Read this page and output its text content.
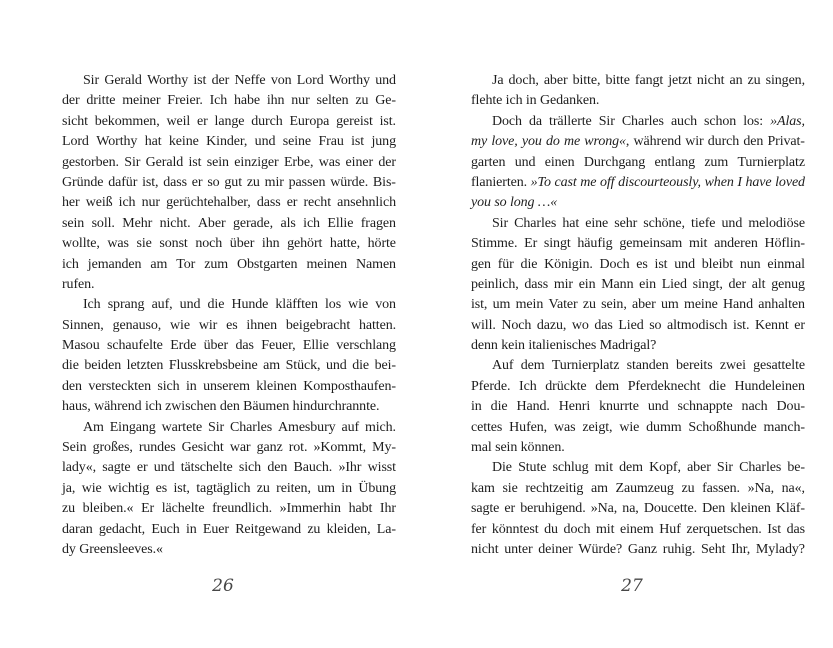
Sir Gerald Worthy ist der Neffe von Lord Worthy und
der dritte meiner Freier. Ich habe ihn nur selten zu Ge-
sicht bekommen, weil er lange durch Europa gereist ist.
Lord Worthy hat keine Kinder, und seine Frau ist jung
gestorben. Sir Gerald ist sein einziger Erbe, was einer der
Gründe dafür ist, dass er so gut zu mir passen würde. Bis-
her weiß ich nur gerüchtehalber, dass er recht ansehnlich
sein soll. Mehr nicht. Aber gerade, als ich Ellie fragen
wollte, was sie sonst noch über ihn gehört hatte, hörte
ich jemanden am Tor zum Obstgarten meinen Namen
rufen.
Ich sprang auf, und die Hunde kläfften los wie von
Sinnen, genauso, wie wir es ihnen beigebracht hatten.
Masou schaufelte Erde über das Feuer, Ellie verschlang
die beiden letzten Flusskrebsbeine am Stück, und die bei-
den versteckten sich in unserem kleinen Komposthaufen-
haus, während ich zwischen den Bäumen hindurchrannte.
Am Eingang wartete Sir Charles Amesbury auf mich.
Sein großes, rundes Gesicht war ganz rot. »Kommt, My-
lady«, sagte er und tätschelte sich den Bauch. »Ihr wisst
ja, wie wichtig es ist, tagtäglich zu reiten, um in Übung
zu bleiben.« Er lächelte freundlich. »Immerhin habt Ihr
daran gedacht, Euch in Euer Reitgewand zu kleiden, La-
dy Greensleeves.«
Ja doch, aber bitte, bitte fangt jetzt nicht an zu singen,
flehte ich in Gedanken.
Doch da trällerte Sir Charles auch schon los: »Alas,
my love, you do me wrong«, während wir durch den Privat-
garten und einen Durchgang entlang zum Turnierplatz
flanierten. »To cast me off discourteously, when I have loved
you so long …«
Sir Charles hat eine sehr schöne, tiefe und melodiöse
Stimme. Er singt häufig gemeinsam mit anderen Höflin-
gen für die Königin. Doch es ist und bleibt nun einmal
peinlich, dass mir ein Mann ein Lied singt, der alt genug
ist, um mein Vater zu sein, aber um meine Hand anhalten
will. Noch dazu, wo das Lied so altmodisch ist. Kennt er
denn kein italienisches Madrigal?
Auf dem Turnierplatz standen bereits zwei gesattelte
Pferde. Ich drückte dem Pferdeknecht die Hundeleinen
in die Hand. Henri knurrte und schnappte nach Dou-
cettes Hufen, was zeigt, wie dumm Schoßhunde manch-
mal sein können.
Die Stute schlug mit dem Kopf, aber Sir Charles be-
kam sie rechtzeitig am Zaumzeug zu fassen. »Na, na«,
sagte er beruhigend. »Na, na, Doucette. Den kleinen Kläf-
fer könntest du doch mit einem Huf zerquetschen. Ist das
nicht unter deiner Würde? Ganz ruhig. Seht Ihr, Mylady?
26	27
